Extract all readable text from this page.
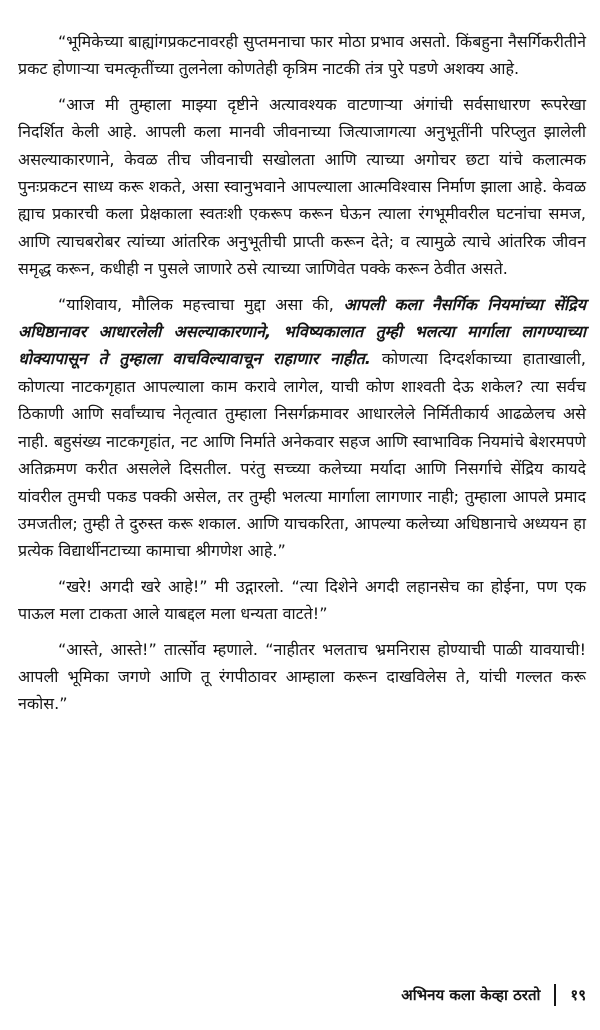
“भूमिकेच्या बाह्यांगप्रकटनावरही सुप्तमनाचा फार मोठा प्रभाव असतो. किंबहुना नैसर्गिकरीतीने प्रकट होणाऱ्या चमत्कृतींच्या तुलनेला कोणतेही कृत्रिम नाटकी तंत्र पुरे पडणे अशक्य आहे.

“आज मी तुम्हाला माझ्या दृष्टीने अत्यावश्यक वाटणाऱ्या अंगांची सर्वसाधारण रूपरेखा निदर्शित केली आहे. आपली कला मानवी जीवनाच्या जित्याजागत्या अनुभूतींनी परिप्लुत झालेली असल्याकारणाने, केवळ तीच जीवनाची सखोलता आणि त्याच्या अगोचर छटा यांचे कलात्मक पुनःप्रकटन साध्य करू शकते, असा स्वानुभवाने आपल्याला आत्मविश्वास निर्माण झाला आहे. केवळ ह्याच प्रकारची कला प्रेक्षकाला स्वतःशी एकरूप करून घेऊन त्याला रंगभूमीवरील घटनांचा समज, आणि त्याचबरोबर त्यांच्या आंतरिक अनुभूतीची प्राप्ती करून देते; व त्यामुळे त्याचे आंतरिक जीवन समृद्ध करून, कधीही न पुसले जाणारे ठसे त्याच्या जाणिवेत पक्के करून ठेवीत असते.

“याशिवाय, मौलिक महत्त्वाचा मुद्दा असा की, आपली कला नैसर्गिक नियमांच्या सेंद्रिय अधिष्ठानावर आधारलेली असल्याकारणाने, भविष्यकालात तुम्ही भलत्या मार्गाला लागण्याच्या धोक्यापासून ते तुम्हाला वाचविल्यावाचून राहाणार नाहीत. कोणत्या दिग्दर्शकाच्या हाताखाली, कोणत्या नाटकगृहात आपल्याला काम करावे लागेल, याची कोण शाश्वती देऊ शकेल? त्या सर्वच ठिकाणी आणि सर्वांच्याच नेतृत्वात तुम्हाला निसर्गक्रमावर आधारलेले निर्मितीकार्य आढळेलच असे नाही. बहुसंख्य नाटकगृहांत, नट आणि निर्माते अनेकवार सहज आणि स्वाभाविक नियमांचे बेशरमपणे अतिक्रमण करीत असलेले दिसतील. परंतु सच्च्या कलेच्या मर्यादा आणि निसर्गाचे सेंद्रिय कायदे यांवरील तुमची पकड पक्की असेल, तर तुम्ही भलत्या मार्गाला लागणार नाही; तुम्हाला आपले प्रमाद उमजतील; तुम्ही ते दुरुस्त करू शकाल. आणि याचकरिता, आपल्या कलेच्या अधिष्ठानाचे अध्ययन हा प्रत्येक विद्यार्थीनटाच्या कामाचा श्रीगणेश आहे.”

“खरे! अगदी खरे आहे!” मी उद्गारलो. “त्या दिशेने अगदी लहानसेच का होईना, पण एक पाऊल मला टाकता आले याबद्दल मला धन्यता वाटते!”

“आस्ते, आस्ते!” तार्त्सोव म्हणाले. “नाहीतर भलताच भ्रमनिरास होण्याची पाळी यावयाची! आपली भूमिका जगणे आणि तू रंगपीठावर आम्हाला करून दाखविलेस ते, यांची गल्लत करू नकोस.”

अभिनय कला केव्हा ठरतो १९
